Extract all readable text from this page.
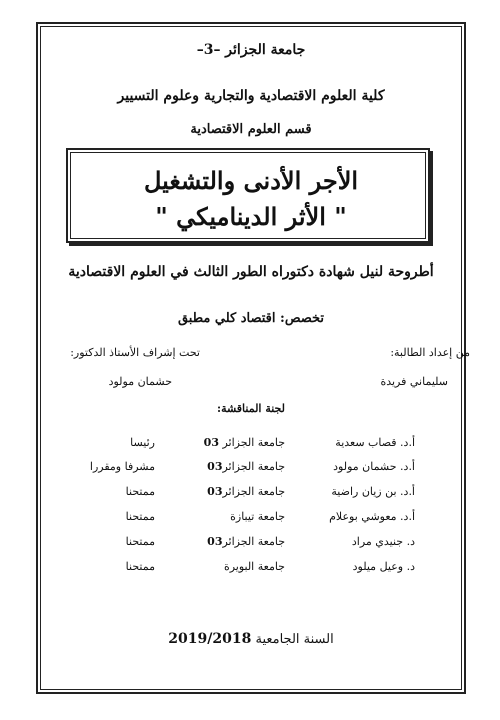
جامعة الجزائر –3–
كلية العلوم الاقتصادية والتجارية وعلوم التسيير
قسم العلوم الاقتصادية
الأجر الأدنى والتشغيل
" الأثر الديناميكي "
أطروحة لنيل شهادة دكتوراه الطور الثالث في العلوم الاقتصادية
تخصص: اقتصاد كلي مطبق
من إعداد الطالبة:
تحت إشراف الأستاذ الدكتور:
سليماني فريدة
حشمان مولود
لجنة المناقشة:
أ.د. قصاب سعدية
جامعة الجزائر 03
رئيسا
أ.د. حشمان مولود
جامعة الجزائر03
مشرفا ومقررا
أ.د. بن زيان راضية
جامعة الجزائر03
ممتحنا
أ.د. معوشي بوعلام
جامعة تيبازة
ممتحنا
د. جنيدي مراد
جامعة الجزائر03
ممتحنا
د. وعيل ميلود
جامعة البويرة
ممتحنا
السنة الجامعية 2019/2018
